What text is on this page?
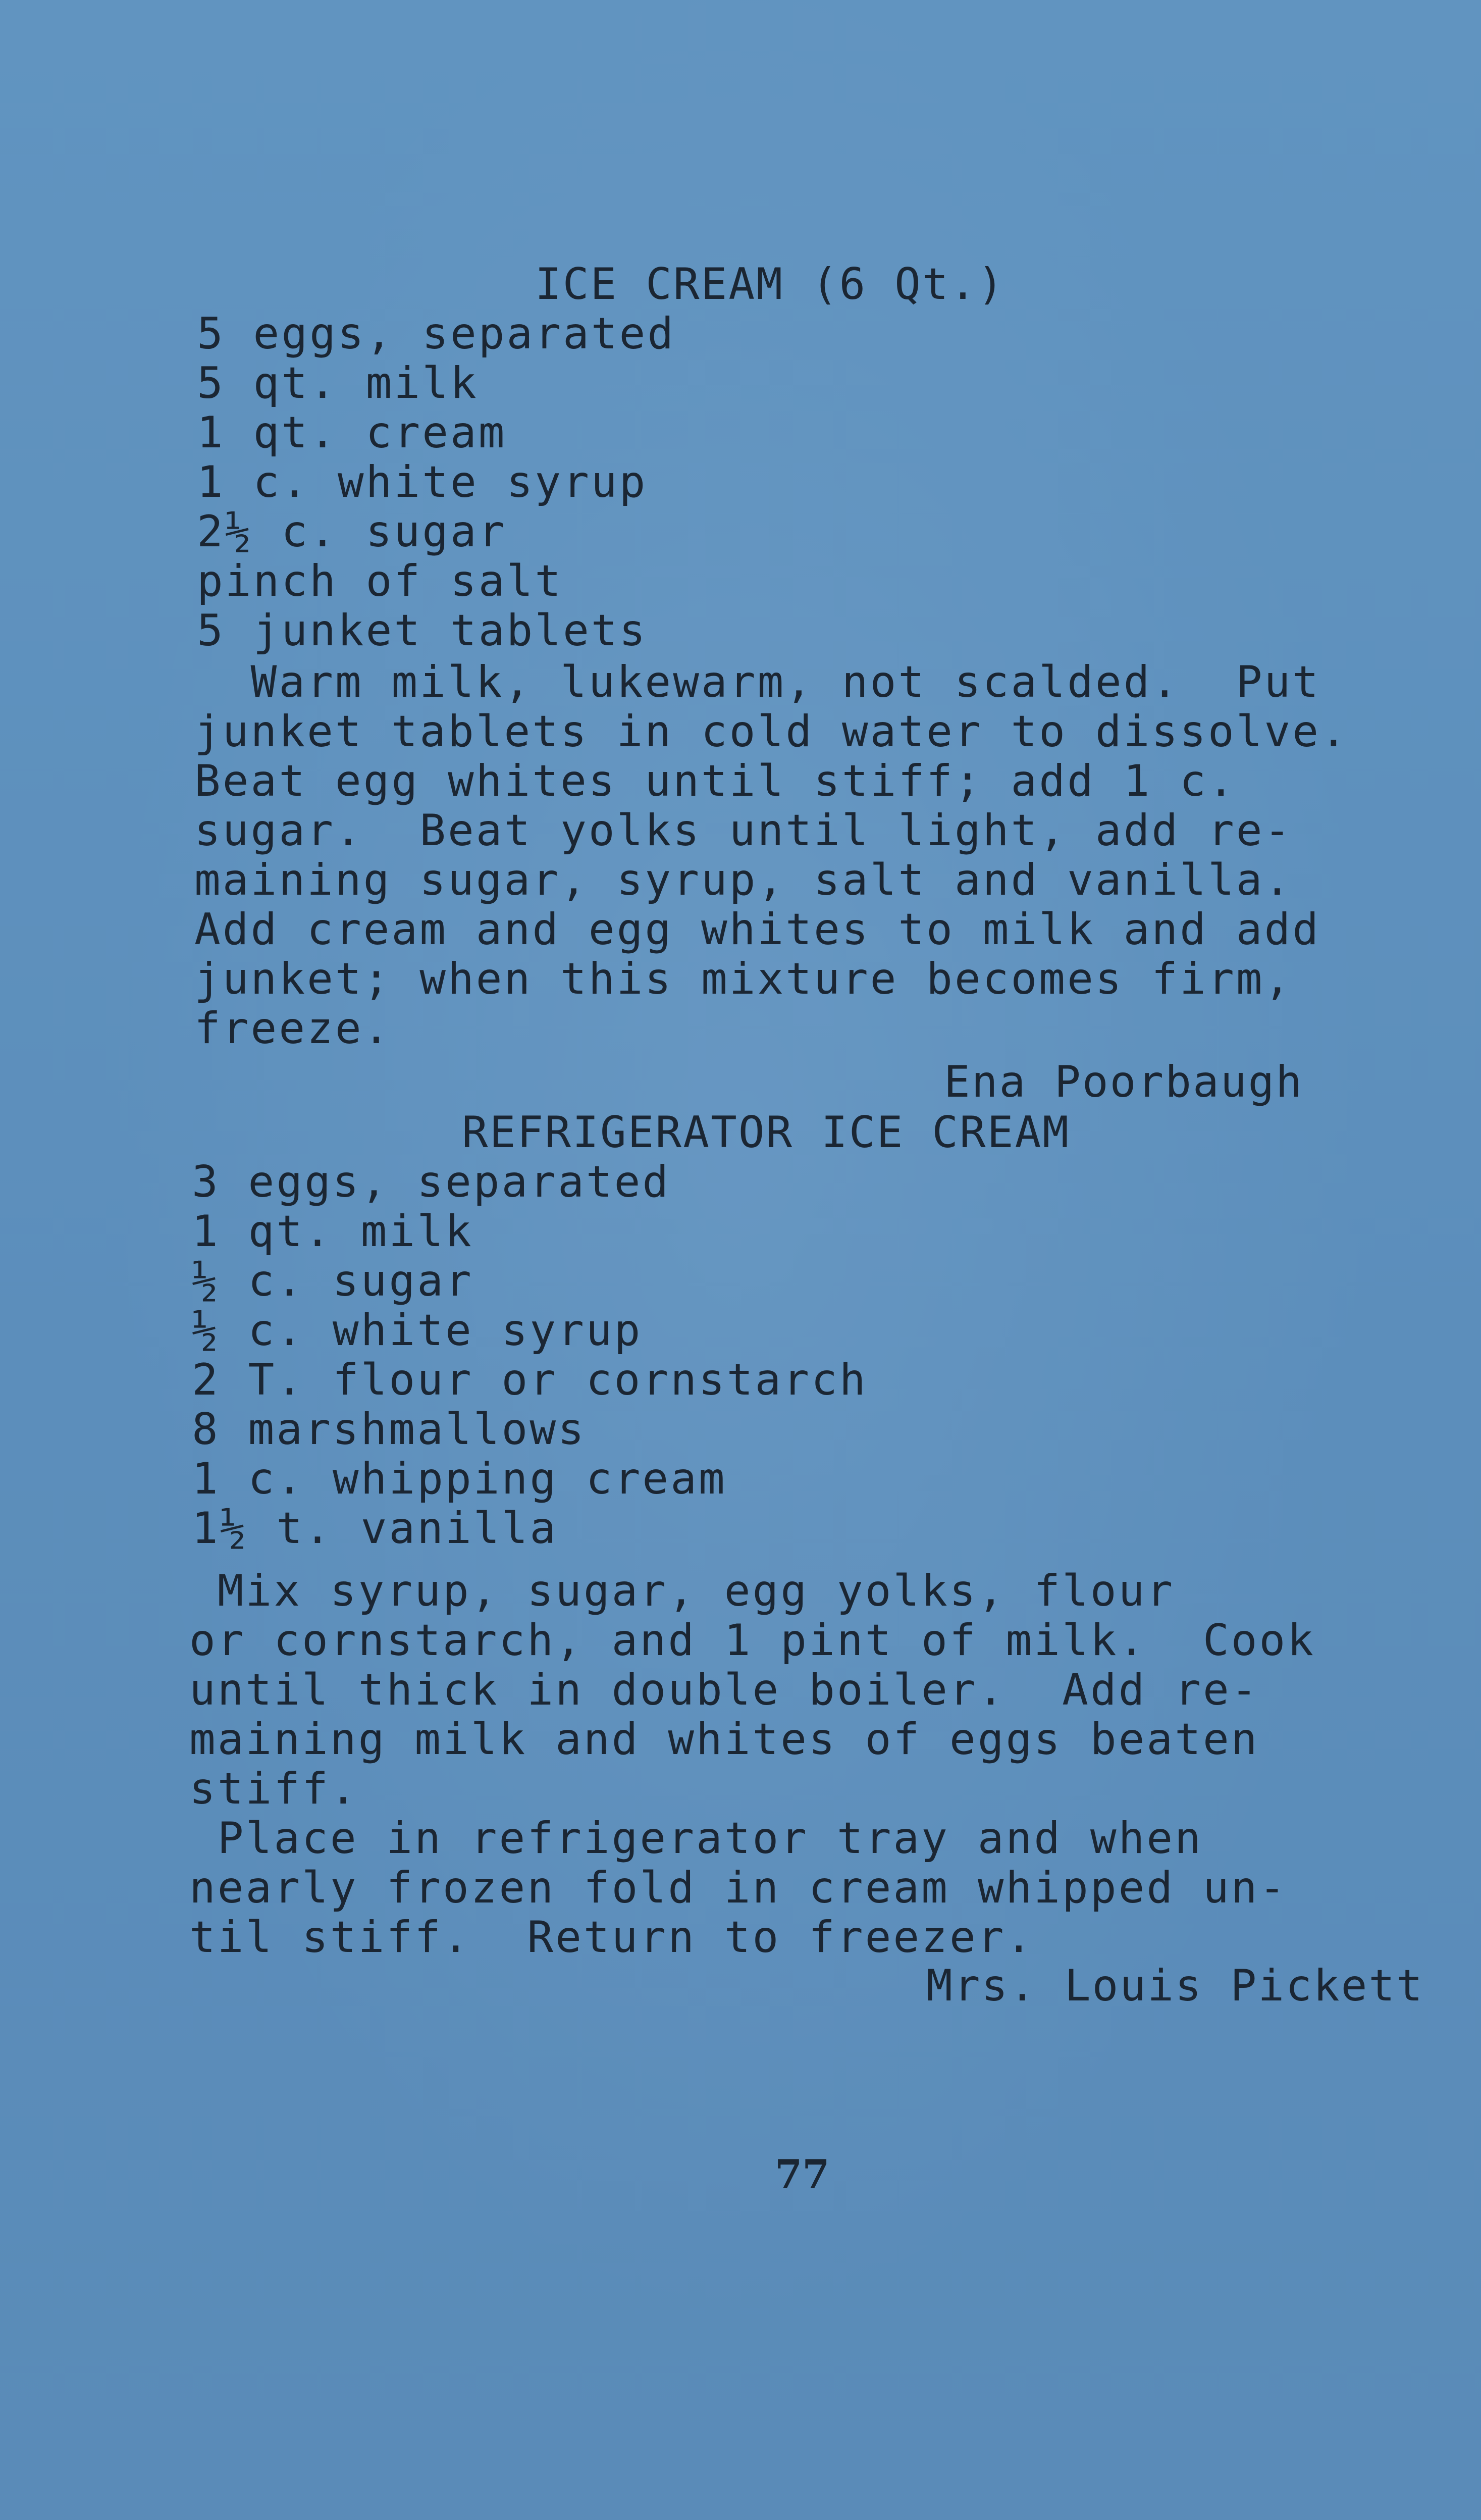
ICE CREAM (6 Qt.)
5 eggs, separated
5 qt. milk
1 qt. cream
1 c. white syrup
2½ c. sugar
pinch of salt
5 junket tablets
Warm milk, lukewarm, not scalded.  Put
junket tablets in cold water to dissolve.
Beat egg whites until stiff; add 1 c.
sugar.  Beat yolks until light, add re-
maining sugar, syrup, salt and vanilla.
Add cream and egg whites to milk and add
junket; when this mixture becomes firm,
freeze.
Ena Poorbaugh
REFRIGERATOR ICE CREAM
3 eggs, separated
1 qt. milk
½ c. sugar
½ c. white syrup
2 T. flour or cornstarch
8 marshmallows
1 c. whipping cream
1½ t. vanilla
Mix syrup, sugar, egg yolks, flour
or cornstarch, and 1 pint of milk.  Cook
until thick in double boiler.  Add re-
maining milk and whites of eggs beaten
stiff.
Place in refrigerator tray and when
nearly frozen fold in cream whipped un-
til stiff.  Return to freezer.
Mrs. Louis Pickett
77
